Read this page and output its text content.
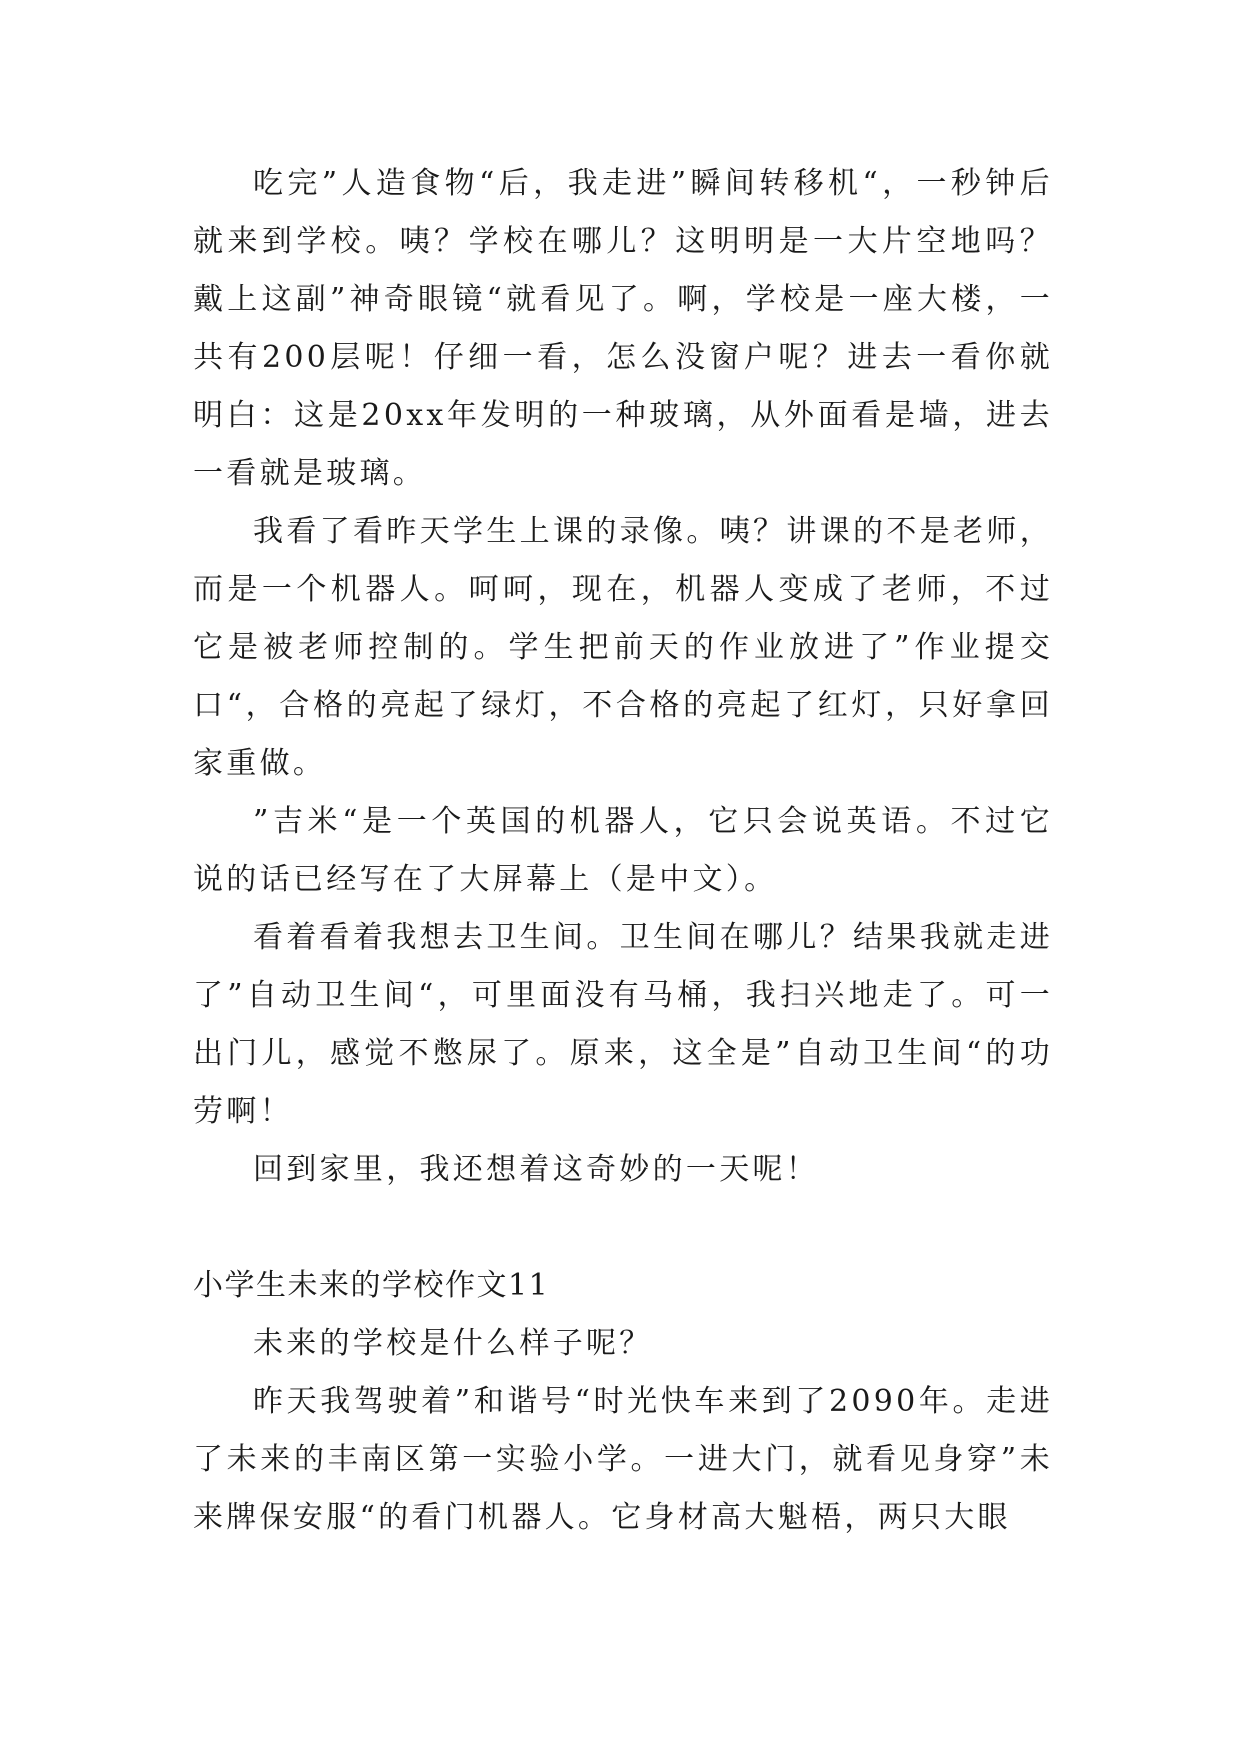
吃完”人造食物“后，我走进”瞬间转移机“，一秒钟后就来到学校。咦？学校在哪儿？这明明是一大片空地吗？戴上这副”神奇眼镜“就看见了。啊，学校是一座大楼，一共有200层呢！仔细一看，怎么没窗户呢？进去一看你就明白：这是20xx年发明的一种玻璃，从外面看是墙，进去一看就是玻璃。

我看了看昨天学生上课的录像。咦？讲课的不是老师，而是一个机器人。呵呵，现在，机器人变成了老师，不过它是被老师控制的。学生把前天的作业放进了”作业提交口“，合格的亮起了绿灯，不合格的亮起了红灯，只好拿回家重做。

”吉米“是一个英国的机器人，它只会说英语。不过它说的话已经写在了大屏幕上（是中文）。

看着看着我想去卫生间。卫生间在哪儿？结果我就走进了”自动卫生间“，可里面没有马桶，我扫兴地走了。可一出门儿，感觉不憋尿了。原来，这全是”自动卫生间“的功劳啊！

回到家里，我还想着这奇妙的一天呢！

小学生未来的学校作文11

未来的学校是什么样子呢？

昨天我驾驶着”和谐号“时光快车来到了2090年。走进了未来的丰南区第一实验小学。一进大门，就看见身穿”未来牌保安服“的看门机器人。它身材高大魁梧，两只大眼
